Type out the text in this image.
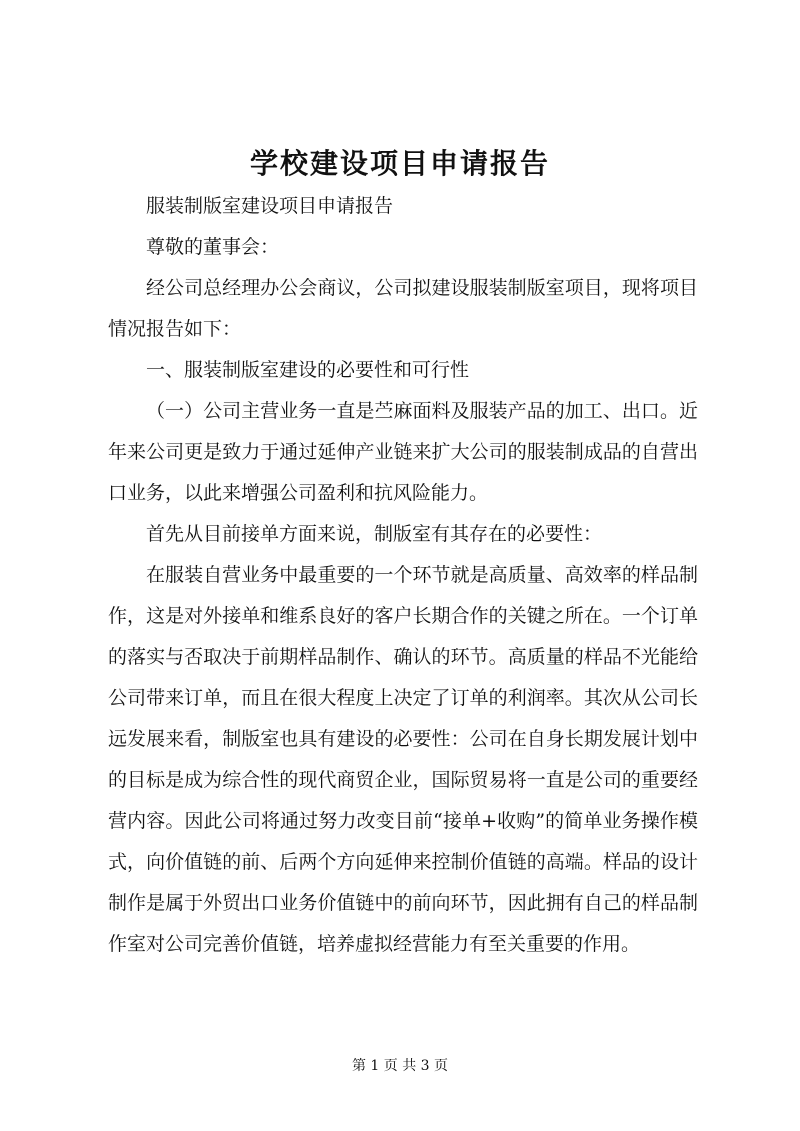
学校建设项目申请报告

服装制版室建设项目申请报告

尊敬的董事会：

经公司总经理办公会商议，公司拟建设服装制版室项目，现将项目情况报告如下：

一、服装制版室建设的必要性和可行性

（一）公司主营业务一直是苎麻面料及服装产品的加工、出口。近年来公司更是致力于通过延伸产业链来扩大公司的服装制成品的自营出口业务，以此来增强公司盈利和抗风险能力。

首先从目前接单方面来说，制版室有其存在的必要性：

在服装自营业务中最重要的一个环节就是高质量、高效率的样品制作，这是对外接单和维系良好的客户长期合作的关键之所在。一个订单的落实与否取决于前期样品制作、确认的环节。高质量的样品不光能给公司带来订单，而且在很大程度上决定了订单的利润率。其次从公司长远发展来看，制版室也具有建设的必要性：公司在自身长期发展计划中的目标是成为综合性的现代商贸企业，国际贸易将一直是公司的重要经营内容。因此公司将通过努力改变目前“接单+收购”的简单业务操作模式，向价值链的前、后两个方向延伸来控制价值链的高端。样品的设计制作是属于外贸出口业务价值链中的前向环节，因此拥有自己的样品制作室对公司完善价值链，培养虚拟经营能力有至关重要的作用。

第 1 页 共 3 页
